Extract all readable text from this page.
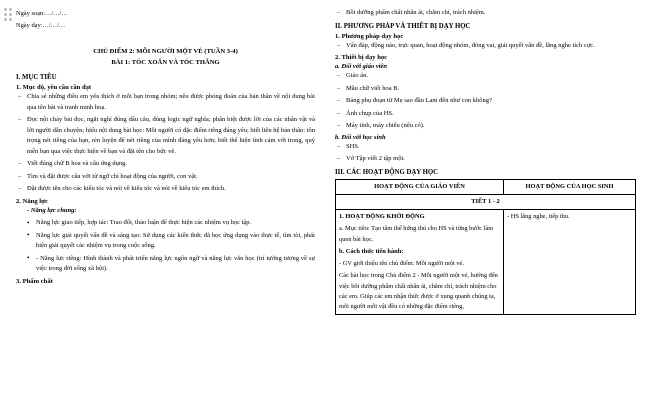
Ngày soạn:…/…/…
Ngày dạy:…/…/…
CHỦ ĐIỂM 2: MỖI NGƯỜI MỘT VẺ (TUẦN 3-4)
BÀI 1: TÓC XOĂN VÀ TÓC THẲNG
I. MỤC TIÊU
1. Mục độ, yêu cầu cần đạt
– Chia sẻ những điều em yêu thích ở mỗi bạn trong nhóm; nêu được phỏng đoán của bản thân về nội dung bài qua tên bài và tranh minh hoạ.
– Đọc nội chảy bài đọc, ngắt nghỉ đúng dấu câu, đúng logic ngữ nghĩa; phân biệt được lời của các nhân vật và lời người dẫn chuyện; hiểu nội dung bài học: Mỗi người có đặc điểm riêng đáng yêu; biết liên hệ bản thân: tôn trọng nét riêng của bạn, rèn luyện để nét riêng của mình đáng yêu hơn; biết thể hiện tình cảm với trong, quý mến bạn qua việc thực hiện về bạn và đặt tên cho bức vẽ.
– Viết đúng chữ B hoa và câu ứng dụng.
– Tìm và đặt được câu với từ ngữ chỉ hoạt động của người, con vật.
– Đặt được tên cho các kiểu tóc và nói về kiểu tóc và nói về kiểu tóc em thích.
2. Năng lực
- Năng lực chung:
• Năng lực giao tiếp, hợp tác: Trao đổi, thảo luận để thực hiện các nhiệm vụ học tập.
• Năng lực giải quyết vấn đề và sáng tạo: Sử dụng các kiến thức đã học ứng dụng vào thực tế, tìm tòi, phát hiện giải quyết các nhiệm vụ trong cuộc sống.
• - Năng lực riêng: Hình thành và phát triển năng lực ngôn ngữ và năng lực văn học (trí tưởng tượng về sự việc trong đời sống xã hội).
3. Phẩm chất
– Bồi dưỡng phẩm chất nhân ái, chăm chỉ, trách nhiệm.
II. PHƯƠNG PHÁP VÀ THIẾT BỊ DẠY HỌC
1. Phương pháp dạy học
– Vấn đáp, động não, trực quan, hoạt động nhóm, đóng vai, giải quyết vấn đề, lắng nghe tích cực.
2. Thiết bị dạy học
a. Đối với giáo viên
– Giáo án.
– Mẫu chữ viết hoa B.
– Bảng phụ đoạn từ Mẹ sao đầu Lam đến như con không?
– Ảnh chụp của HS.
– Máy tính, máy chiếu (nếu có).
b. Đối với học sinh
– SHS.
– Vở Tập viết 2 tập một.
III. CÁC HOẠT ĐỘNG DẠY HỌC
HOẠT ĐỘNG CỦA GIÁO VIÊN	HOẠT ĐỘNG CỦA HỌC SINH
TIẾT 1 - 2	

1. HOẠT ĐỘNG KHỞI ĐỘNG

a. Mục tiêu: Tạo tâm thế hứng thú cho HS và từng bước làm quen bài học.

b. Cách thức tiến hành:

- GV giới thiệu tên chủ điểm: Mỗi người một vẻ.

Các bài học trong Chủ điểm 2 - Mỗi người một vẻ, hướng đến việc bồi dưỡng phẩm chất nhân ái, chăm chỉ, trách nhiệm cho các em. Giúp các em nhận thức được ở xung quanh chúng ta, mỗi người mỗi vật đều có những đặc điểm riêng,	- HS lắng nghe, tiếp thu.
